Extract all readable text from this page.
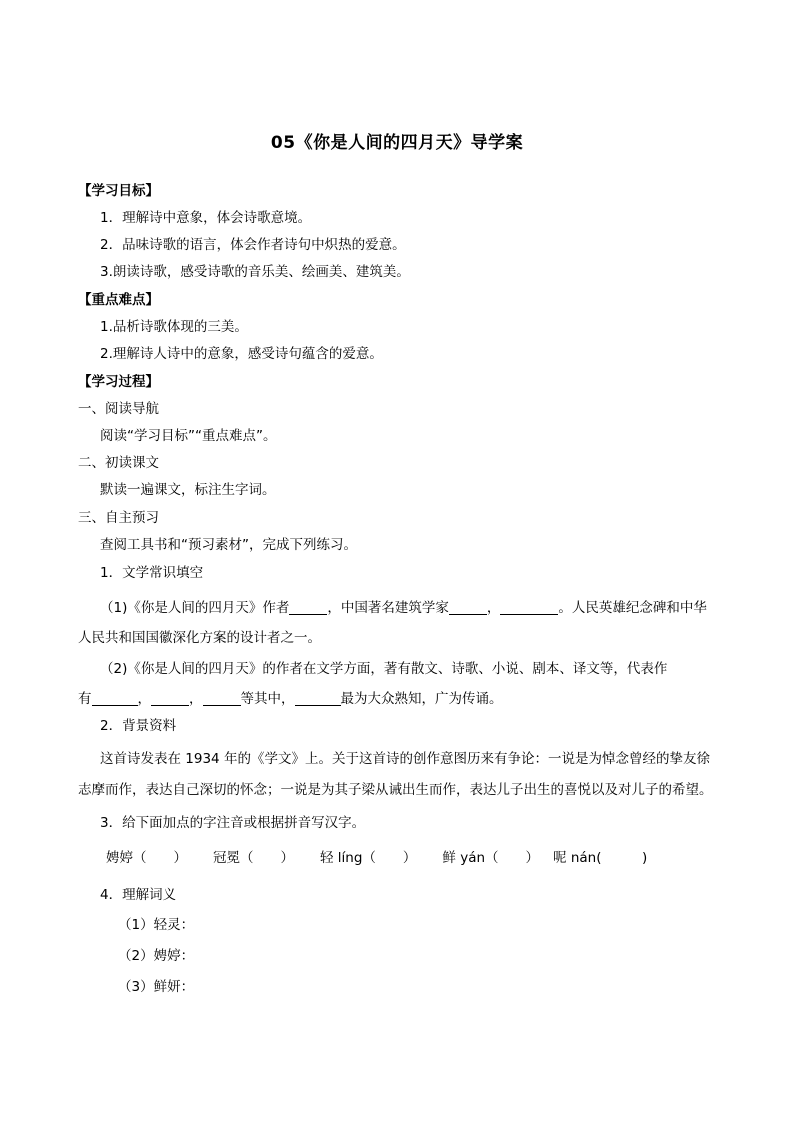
05《你是人间的四月天》导学案
【学习目标】
1．理解诗中意象，体会诗歌意境。
2．品味诗歌的语言，体会作者诗句中炽热的爱意。
3.朗读诗歌，感受诗歌的音乐美、绘画美、建筑美。
【重点难点】
1.品析诗歌体现的三美。
2.理解诗人诗中的意象，感受诗句蕴含的爱意。
【学习过程】
一、阅读导航
阅读“学习目标”“重点难点”。
二、初读课文
默读一遍课文，标注生字词。
三、自主预习
查阅工具书和“预习素材”，完成下列练习。
1．文学常识填空
（1)《你是人间的四月天》作者	，中国著名建筑学家	，	。人民英雄纪念碑和中华
人民共和国国徽深化方案的设计者之一。
（2)《你是人间的四月天》的作者在文学方面，著有散文、诗歌、小说、剧本、译文等，代表作
有	，	，	等其中，	最为大众熟知，广为传诵。
2．背景资料
这首诗发表在 1934 年的《学文》上。关于这首诗的创作意图历来有争论：一说是为悼念曾经的挚友徐
志摩而作，表达自己深切的怀念；一说是为其子梁从诫出生而作，表达儿子出生的喜悦以及对儿子的希望。
3．给下面加点的字注音或根据拼音写汉字。
娉婷（　　） 冠冕（　　） 轻 líng（　　） 鲜 yán（　　） 呢 nán(　　　)
4．理解词义
（1）轻灵：
（2）娉婷：
（3）鲜妍：
